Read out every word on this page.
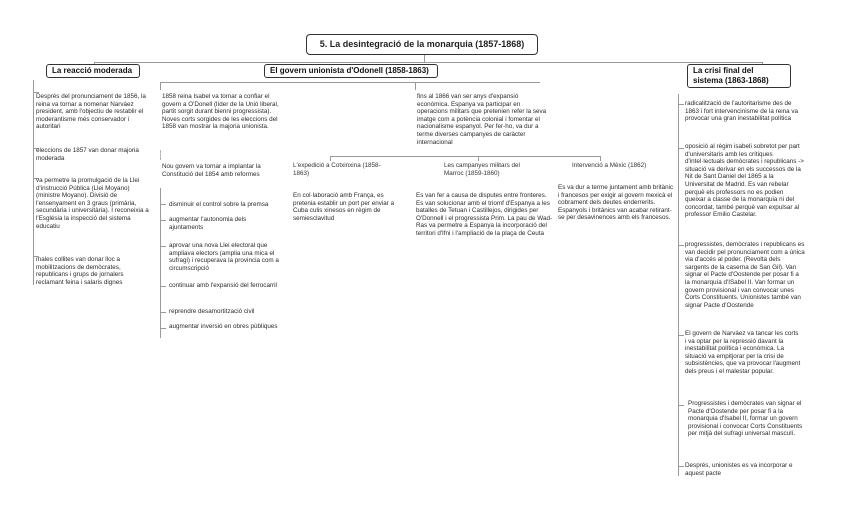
5. La desintegració de la monarquia (1857-1868)
La reacció moderada	El govern unionista d'Odonell (1858-1863)	La crisi final del sistema (1863-1868)
Després del pronunciament de 1856, la reina va tornar a nomenar Narváez president, amb l'objectiu de restablir el moderantisme més conservador i autoritari
eleccions de 1857 van donar majoria moderada
va permetre la promulgació de la Llei d'instrucció Pública (Llei Moyano) (ministre Moyano). Divisió de l'ensenyament en 3 graus (primària, secundària i universitària). I reconeixia a l'Església la inspecció del sistema educatiu
males collites van donar lloc a mobilitzacions de demòcrates, republicans i grups de jornalers reclamant feina i salaris dignes
1858 reina Isabel va tornar a confiar el govern a O'Donell (líder de la Unió liberal, partit sorgit durant bienni progressista). Noves corts sorgides de les eleccions del 1858 van mostrar la majoria unionista.
Nou govern va tornar a implantar la Constitució del 1854 amb reformes
disminuir el control sobre la premsa
augmentar l'autonomia dels ajuntaments
aprovar una nova Llei electoral que ampliava electors (amplia una mica el sufragi) i recuperava la provincia com a circumscripció
continuar amb l'expansió del ferrocarril
reprendre desamortització civil
augmentar inversió en obres pùbliques
fins al 1866 van ser anys d'expansió econòmica. Espanya va participar en operacions militars que pretenien refer la seva imatge com a potència colonial i fomentar el nacionalisme espanyol. Per fer-ho, va dur a terme diverses campanyes de caràcter internacional
L'expedició a Cotxinxina (1858-1863)
En col·laboració amb França, es pretenia establir un port per enviar a Cuba culis xinesos en règim de semiesclavitud
Les campanyes militars del Marroc (1859-1860)
Es van fer a causa de disputes entre fronteres. Es van solucionar amb el triomf d'Espanya a les batalles de Tetuan i Castillejos, dirigides per O'Donnell i el progressista Prim. La pau de Wad-Ras va permetre a Espanya la incorporació del territori d'Ifni i l'ampliació de la plaça de Ceuta
Intervenció a Mèxic (1862)
Es va dur a terme juntament amb britànic i francesos per exigir al govern mexicà el cobrament dels deutes enderrerits. Espanyols i britànics van acabar retirant-se per desavinences amb els francesos.
radicalització de l'autoritarisme des de 1863 i fort intervencinisme de la reina va provocar una gran inestabilitat política
oposició al règim isabeli sobretot per part d'universitaris amb les crítiques d'intel·lectuals demòcrates i republicans -> situació va derivar en els successos de la Nit de Sant Daniel del 1865 a la Universitat de Madrid. Es van rebelar perquè els professors no es podien queixar a classe de la monarquia ni del concordat, també perquè van expulsar al professor Emilio Castelar.
progressistes, demòcrates i republicans es van decidir pel pronunciament com a única via d'accés al poder. (Revolta dels sargents de la caserna de San Gil). Van signar el Pacte d'Oostende per posar fi a la monarquía d'ISabel II. Van formar un govern provisional i van convocar unes Corts Constituents. Unionistes també van signar Pacte d'Oostende
El govern de Narváez va tancar les corts i va optar per la repressió davant la inestabilitat política i econòmica. La situació va empitjorar per la crisi de subsistències, que va provocar l'augment dels preus i el malestar popular.
Progressistes i demòcrates van signar el Pacte d'Oostende per posar fi a la monarquia d'Isabel II, formar un govern provisional i convocar Corts Constituents per mitjà del sufragi universal masculí.
Després, unionistes es va incorporar e aquest pacte
